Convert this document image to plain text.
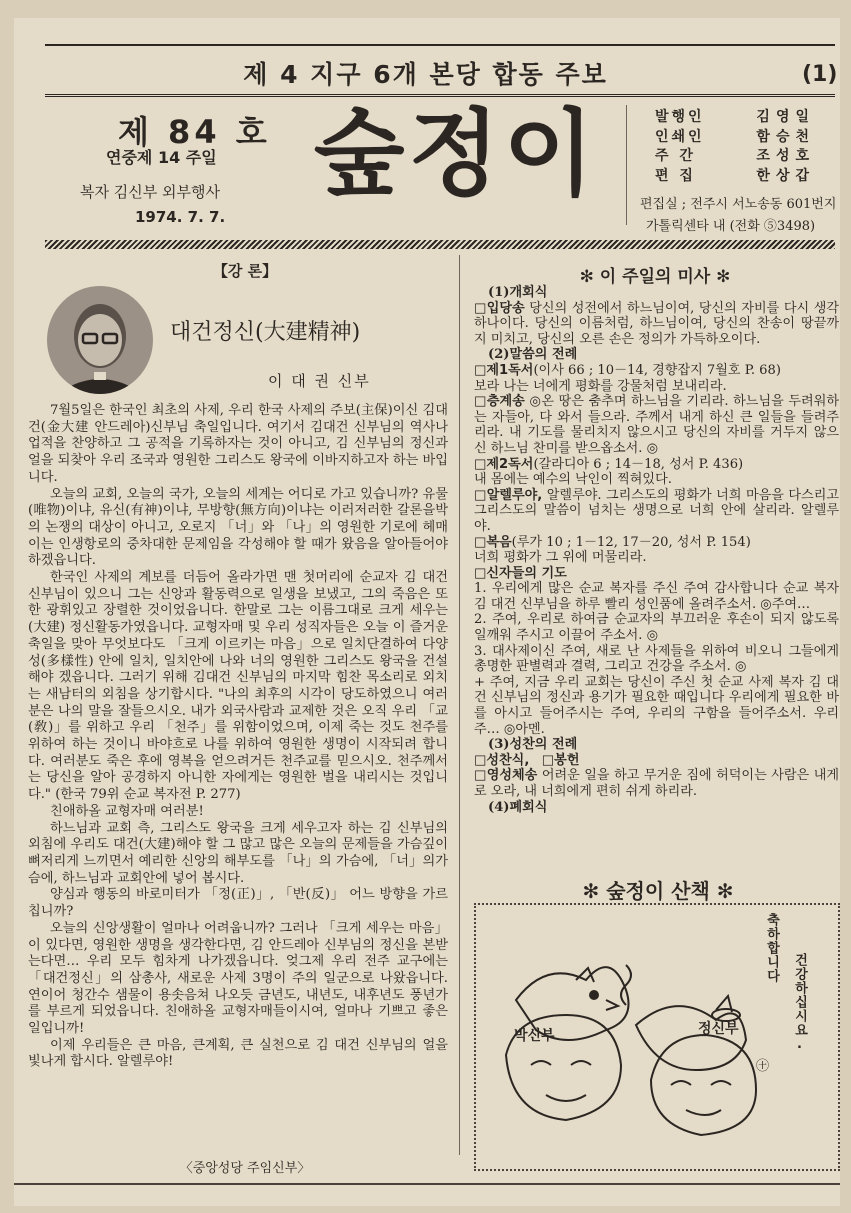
제 4 지구 6개 본당 합동 주보	(1)
제 84 호
연중제 14 주일
복자 김신부 외부행사
1974. 7. 7.
숲정이	발행인	김영일
인쇄인	함승천
주 간	조성호
편 집	한상갑
편집실 ; 전주시 서노송동 601번지
가톨릭센타 내 (전화 ⑤3498)
【강 론】
대건정신(大建精神)
이 대 권 신부

7월5일은 한국인 최초의 사제, 우리 한국 사제의 주보(主保)이신 김대건(金大建 안드레아)신부님 축일입니다. 여기서 김대건 신부님의 역사나 업적을 찬양하고 그 공적을 기록하자는 것이 아니고, 김 신부님의 정신과 얼을 되찾아 우리 조국과 영원한 그리스도 왕국에 이바지하고자 하는 바입니다.

오늘의 교회, 오늘의 국가, 오늘의 세계는 어디로 가고 있습니까? 유물(唯物)이냐, 유신(有神)이냐, 무방향(無方向)이냐는 이러저러한 갈론을박의 논쟁의 대상이 아니고, 오로지 「너」와 「나」의 영원한 기로에 헤매이는 인생항로의 중차대한 문제임을 각성해야 할 때가 왔음을 알아들어야 하겠읍니다.

한국인 사제의 계보를 더듬어 올라가면 맨 첫머리에 순교자 김 대건 신부님이 있으니 그는 신앙과 활동력으로 일생을 보냈고, 그의 죽음은 또한 광휘있고 장렬한 것이었읍니다. 한말로 그는 이름그대로 크게 세우는 (大建) 정신활동가였읍니다. 교형자매 및 우리 성직자들은 오늘 이 즐거운 축일을 맞아 무엇보다도 「크게 이르키는 마음」으로 일치단결하여 다양성(多樣性) 안에 일치, 일치안에 나와 너의 영원한 그리스도 왕국을 건설해야 겠읍니다. 그러기 위해 김대건 신부님의 마지막 힘찬 목소리로 외치는 새남터의 외침을 상기합시다. "나의 최후의 시각이 당도하였으니 여러분은 나의 말을 잘들으시오. 내가 외국사람과 교제한 것은 오직 우리 「교(敎)」를 위하고 우리 「천주」를 위함이었으며, 이제 죽는 것도 천주를 위하여 하는 것이니 바야흐로 나를 위하여 영원한 생명이 시작되려 합니다. 여러분도 죽은 후에 영복을 얻으려거든 천주교를 믿으시오. 천주께서는 당신을 알아 공경하지 아니한 자에게는 영원한 벌을 내리시는 것입니다." (한국 79위 순교 복자전 P. 277)

친애하올 교형자매 여러분!

하느님과 교회 측, 그리스도 왕국을 크게 세우고자 하는 김 신부님의 외침에 우리도 대건(大建)해야 할 그 많고 많은 오늘의 문제들을 가슴깊이 뼈저리게 느끼면서 예리한 신앙의 해부도를 「나」의 가슴에, 「너」의가슴에, 하느님과 교회안에 넣어 봅시다.

양심과 행동의 바로미터가 「정(正)」, 「반(反)」 어느 방향을 가르칩니까?

오늘의 신앙생활이 얼마나 어려웁니까? 그러나 「크게 세우는 마음」이 있다면, 영원한 생명을 생각한다면, 김 안드레아 신부님의 정신을 본받는다면… 우리 모두 힘차게 나가겠읍니다. 엊그제 우리 전주 교구에는 「대건정신」의 삼총사, 새로운 사제 3명이 주의 일군으로 나왔읍니다. 연이어 청간수 샘물이 용솟음쳐 나오듯 금년도, 내년도, 내후년도 풍년가를 부르게 되었읍니다. 친애하올 교형자매들이시여, 얼마나 기쁘고 좋은 일입니까!

이제 우리들은 큰 마음, 큰계획, 큰 실천으로 김 대건 신부님의 얼을 빛나게 합시다. 알렐루야!

〈중앙성당 주임신부〉
✻ 이 주일의 미사 ✻

(1)개회식

□입당송 당신의 성전에서 하느님이여, 당신의 자비를 다시 생각하나이다. 당신의 이름처럼, 하느님이여, 당신의 찬송이 땅끝까지 미치고, 당신의 오른 손은 정의가 가득하오이다.

(2)말씀의 전례

□제1독서(이사 66 ; 10－14, 경향잡지 7월호 P. 68)
보라 나는 너에게 평화를 강물처럼 보내리라.

□층계송 ◎온 땅은 춤추며 하느님을 기리라. 하느님을 두려워하는 자들아, 다 와서 들으라. 주께서 내게 하신 큰 일들을 들려주리라. 내 기도를 물리치지 않으시고 당신의 자비를 거두지 않으신 하느님 찬미를 받으옵소서. ◎

□제2독서(갈라디아 6 ; 14－18, 성서 P. 436)
내 몸에는 예수의 낙인이 찍혀있다.

□알렐루야, 알렐루야. 그리스도의 평화가 너희 마음을 다스리고 그리스도의 말씀이 넘치는 생명으로 너희 안에 살리라. 알렐루야.

□복음(루가 10 ; 1－12, 17－20, 성서 P. 154)
너희 평화가 그 위에 머물리라.

□신자들의 기도

1. 우리에게 많은 순교 복자를 주신 주여 감사합니다 순교 복자 김 대건 신부님을 하루 빨리 성인품에 올려주소서. ◎주여…

2. 주여, 우리로 하여금 순교자의 부끄러운 후손이 되지 않도록 일깨워 주시고 이끌어 주소서. ◎

3. 대사제이신 주여, 새로 난 사제들을 위하여 비오니 그들에게 총명한 판별력과 결력, 그리고 건강을 주소서. ◎

+ 주여, 지금 우리 교회는 당신이 주신 첫 순교 사제 복자 김 대건 신부님의 정신과 용기가 필요한 때입니다 우리에게 필요한 바를 아시고 들어주시는 주여, 우리의 구함을 들어주소서. 우리 주… ◎아멘.

(3)성찬의 전례

□성찬식, □봉헌

□영성체송 어려운 일을 하고 무거운 짐에 허덕이는 사람은 내게로 오라, 내 너희에게 편히 쉬게 하리라.

(4)폐회식

✻ 숲정이 산책 ✻
박신부	정신부
㊉
축하합니다
건강하십시요.
